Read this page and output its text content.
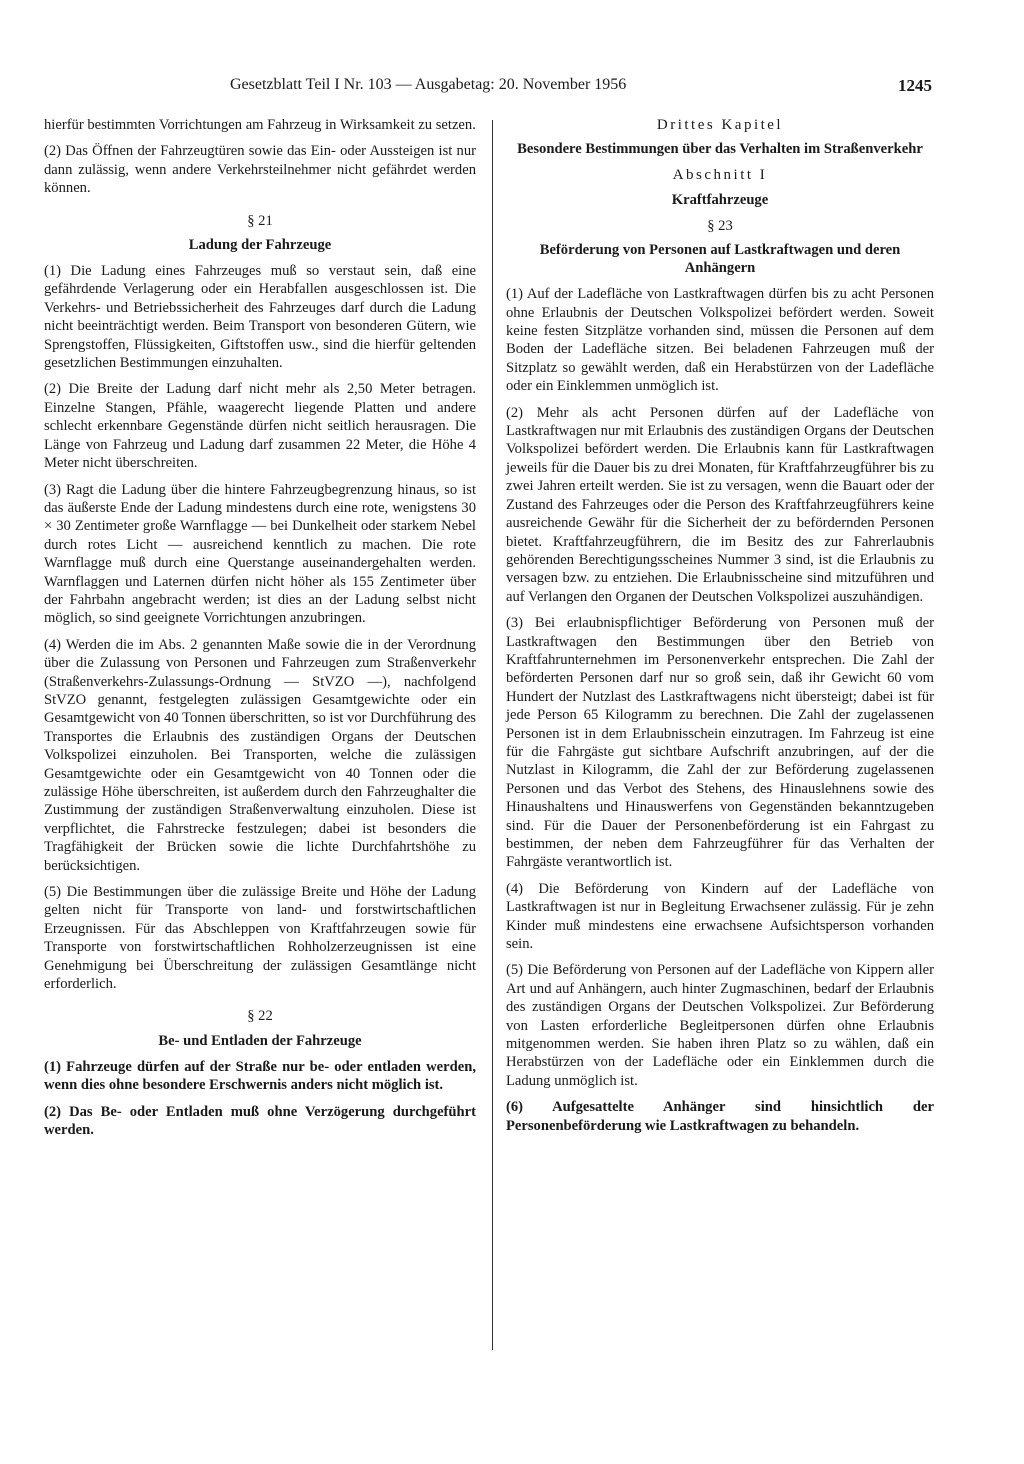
Gesetzblatt Teil I Nr. 103 — Ausgabetag: 20. November 1956	1245

hierfür bestimmten Vorrichtungen am Fahrzeug in Wirksamkeit zu setzen.

(2) Das Öffnen der Fahrzeugtüren sowie das Ein- oder Aussteigen ist nur dann zulässig, wenn andere Verkehrsteilnehmer nicht gefährdet werden können.

§ 21
Ladung der Fahrzeuge

(1) Die Ladung eines Fahrzeuges muß so verstaut sein, daß eine gefährdende Verlagerung oder ein Herabfallen ausgeschlossen ist. Die Verkehrs- und Betriebssicherheit des Fahrzeuges darf durch die Ladung nicht beeinträchtigt werden. Beim Transport von besonderen Gütern, wie Sprengstoffen, Flüssigkeiten, Giftstoffen usw., sind die hierfür geltenden gesetzlichen Bestimmungen einzuhalten.

(2) Die Breite der Ladung darf nicht mehr als 2,50 Meter betragen. Einzelne Stangen, Pfähle, waagerecht liegende Platten und andere schlecht erkennbare Gegenstände dürfen nicht seitlich herausragen. Die Länge von Fahrzeug und Ladung darf zusammen 22 Meter, die Höhe 4 Meter nicht überschreiten.

(3) Ragt die Ladung über die hintere Fahrzeugbegrenzung hinaus, so ist das äußerste Ende der Ladung mindestens durch eine rote, wenigstens 30 × 30 Zentimeter große Warnflagge — bei Dunkelheit oder starkem Nebel durch rotes Licht — ausreichend kenntlich zu machen. Die rote Warnflagge muß durch eine Querstange auseinandergehalten werden. Warnflaggen und Laternen dürfen nicht höher als 155 Zentimeter über der Fahrbahn angebracht werden; ist dies an der Ladung selbst nicht möglich, so sind geeignete Vorrichtungen anzubringen.

(4) Werden die im Abs. 2 genannten Maße sowie die in der Verordnung über die Zulassung von Personen und Fahrzeugen zum Straßenverkehr (Straßenverkehrs-Zulassungs-Ordnung — StVZO —), nachfolgend StVZO genannt, festgelegten zulässigen Gesamtgewichte oder ein Gesamtgewicht von 40 Tonnen überschritten, so ist vor Durchführung des Transportes die Erlaubnis des zuständigen Organs der Deutschen Volkspolizei einzuholen. Bei Transporten, welche die zulässigen Gesamtgewichte oder ein Gesamtgewicht von 40 Tonnen oder die zulässige Höhe überschreiten, ist außerdem durch den Fahrzeughalter die Zustimmung der zuständigen Straßenverwaltung einzuholen. Diese ist verpflichtet, die Fahrstrecke festzulegen; dabei ist besonders die Tragfähigkeit der Brücken sowie die lichte Durchfahrtshöhe zu berücksichtigen.

(5) Die Bestimmungen über die zulässige Breite und Höhe der Ladung gelten nicht für Transporte von land- und forstwirtschaftlichen Erzeugnissen. Für das Abschleppen von Kraftfahrzeugen sowie für Transporte von forstwirtschaftlichen Rohholzerzeugnissen ist eine Genehmigung bei Überschreitung der zulässigen Gesamtlänge nicht erforderlich.

§ 22
Be- und Entladen der Fahrzeuge

(1) Fahrzeuge dürfen auf der Straße nur be- oder entladen werden, wenn dies ohne besondere Erschwernis anders nicht möglich ist.

(2) Das Be- oder Entladen muß ohne Verzögerung durchgeführt werden.

Drittes Kapitel
Besondere Bestimmungen über das Verhalten im Straßenverkehr
Abschnitt I
Kraftfahrzeuge
§ 23
Beförderung von Personen auf Lastkraftwagen und deren Anhängern

(1) Auf der Ladefläche von Lastkraftwagen dürfen bis zu acht Personen ohne Erlaubnis der Deutschen Volkspolizei befördert werden. Soweit keine festen Sitzplätze vorhanden sind, müssen die Personen auf dem Boden der Ladefläche sitzen. Bei beladenen Fahrzeugen muß der Sitzplatz so gewählt werden, daß ein Herabstürzen von der Ladefläche oder ein Einklemmen unmöglich ist.

(2) Mehr als acht Personen dürfen auf der Ladefläche von Lastkraftwagen nur mit Erlaubnis des zuständigen Organs der Deutschen Volkspolizei befördert werden. Die Erlaubnis kann für Lastkraftwagen jeweils für die Dauer bis zu drei Monaten, für Kraftfahrzeugführer bis zu zwei Jahren erteilt werden. Sie ist zu versagen, wenn die Bauart oder der Zustand des Fahrzeuges oder die Person des Kraftfahrzeugführers keine ausreichende Gewähr für die Sicherheit der zu befördernden Personen bietet. Kraftfahrzeugführern, die im Besitz des zur Fahrerlaubnis gehörenden Berechtigungsscheines Nummer 3 sind, ist die Erlaubnis zu versagen bzw. zu entziehen. Die Erlaubnisscheine sind mitzuführen und auf Verlangen den Organen der Deutschen Volkspolizei auszuhändigen.

(3) Bei erlaubnispflichtiger Beförderung von Personen muß der Lastkraftwagen den Bestimmungen über den Betrieb von Kraftfahrunternehmen im Personenverkehr entsprechen. Die Zahl der beförderten Personen darf nur so groß sein, daß ihr Gewicht 60 vom Hundert der Nutzlast des Lastkraftwagens nicht übersteigt; dabei ist für jede Person 65 Kilogramm zu berechnen. Die Zahl der zugelassenen Personen ist in dem Erlaubnisschein einzutragen. Im Fahrzeug ist eine für die Fahrgäste gut sichtbare Aufschrift anzubringen, auf der die Nutzlast in Kilogramm, die Zahl der zur Beförderung zugelassenen Personen und das Verbot des Stehens, des Hinauslehnens sowie des Hinaushaltens und Hinauswerfens von Gegenständen bekanntzugeben sind. Für die Dauer der Personenbeförderung ist ein Fahrgast zu bestimmen, der neben dem Fahrzeugführer für das Verhalten der Fahrgäste verantwortlich ist.

(4) Die Beförderung von Kindern auf der Ladefläche von Lastkraftwagen ist nur in Begleitung Erwachsener zulässig. Für je zehn Kinder muß mindestens eine erwachsene Aufsichtsperson vorhanden sein.

(5) Die Beförderung von Personen auf der Ladefläche von Kippern aller Art und auf Anhängern, auch hinter Zugmaschinen, bedarf der Erlaubnis des zuständigen Organs der Deutschen Volkspolizei. Zur Beförderung von Lasten erforderliche Begleitpersonen dürfen ohne Erlaubnis mitgenommen werden. Sie haben ihren Platz so zu wählen, daß ein Herabstürzen von der Ladefläche oder ein Einklemmen durch die Ladung unmöglich ist.

(6) Aufgesattelte Anhänger sind hinsichtlich der Personenbeförderung wie Lastkraftwagen zu behandeln.
